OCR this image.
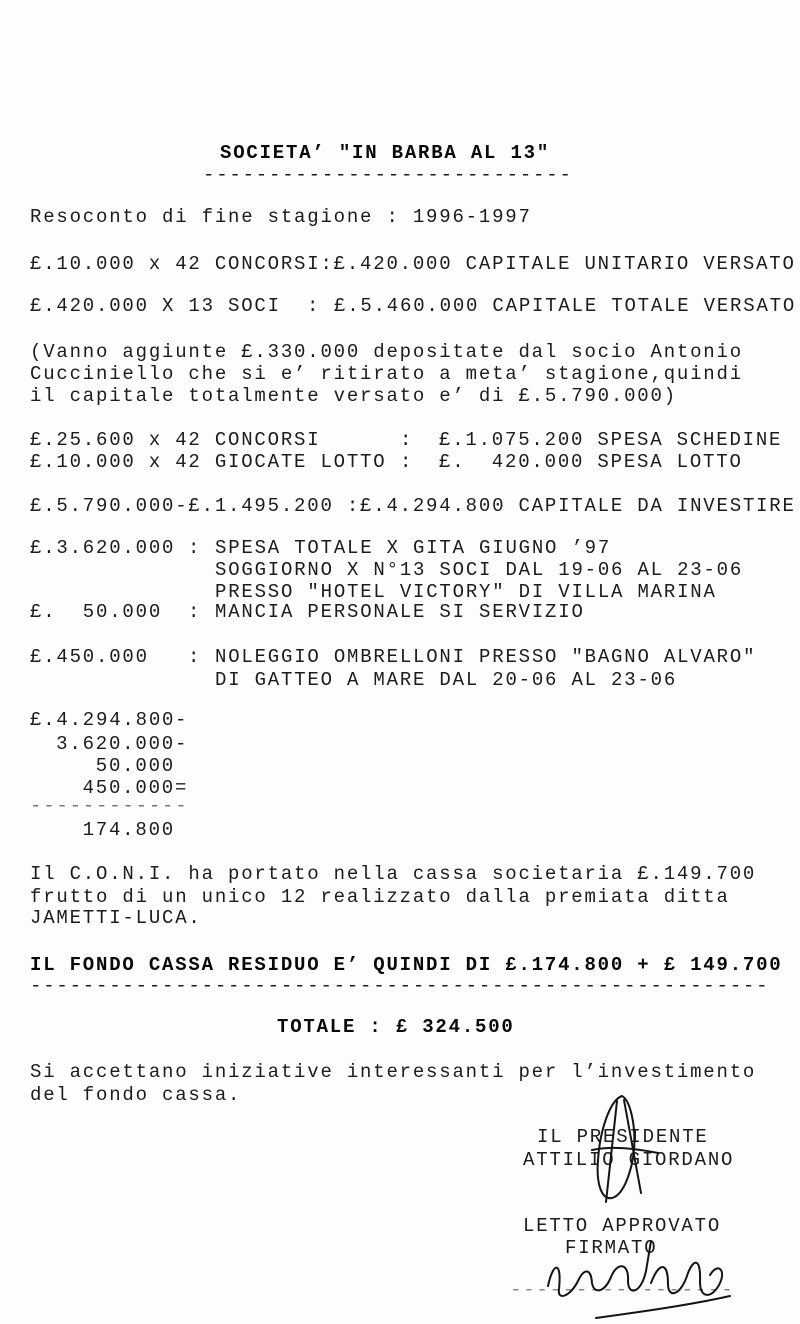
SOCIETA’ "IN BARBA AL 13"
----------------------------
Resoconto di fine stagione : 1996-1997
£.10.000 x 42 CONCORSI:£.420.000 CAPITALE UNITARIO VERSATO
£.420.000 X 13 SOCI : £.5.460.000 CAPITALE TOTALE VERSATO
(Vanno aggiunte £.330.000 depositate dal socio Antonio
Cucciniello che si e’ ritirato a meta’ stagione,quindi
il capitale totalmente versato e’ di £.5.790.000)
£.25.600 x 42 CONCORSI	: £.1.075.200 SPESA SCHEDINE
£.10.000 x 42 GIOCATE LOTTO : £.  420.000 SPESA LOTTO
£.5.790.000-£.1.495.200 :£.4.294.800 CAPITALE DA INVESTIRE
£.3.620.000 : SPESA TOTALE X GITA GIUGNO ’97
SOGGIORNO X N°13 SOCI DAL 19-06 AL 23-06
PRESSO "HOTEL VICTORY" DI VILLA MARINA
£.  50.000 : MANCIA PERSONALE SI SERVIZIO
£.450.000 : NOLEGGIO OMBRELLONI PRESSO "BAGNO ALVARO"
DI GATTEO A MARE DAL 20-06 AL 23-06
£.4.294.800 -
3.620.000 -
50.000
450.000 =
------------
174.800
Il C.O.N.I. ha portato nella cassa societaria £.149.700
frutto di un unico 12 realizzato dalla premiata ditta
JAMETTI-LUCA.
IL FONDO CASSA RESIDUO E’ QUINDI DI £.174.800 + £ 149.700
--------------------------------------------------------
TOTALE : £ 324.500
Si accettano iniziative interessanti per l’investimento
del fondo cassa.
IL PRESIDENTE
ATTILIO GIORDANO
LETTO APPROVATO
FIRMATO
-----------------
